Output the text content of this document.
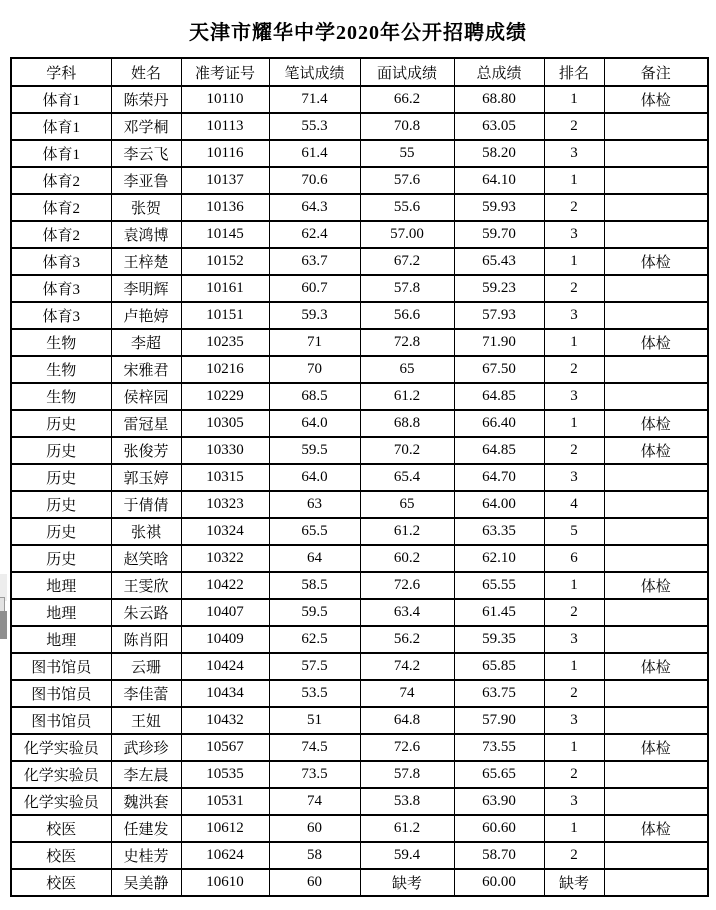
天津市耀华中学2020年公开招聘成绩
学科	姓名	准考证号	笔试成绩	面试成绩	总成绩	排名	备注
体育1	陈荣丹	10110	71.4	66.2	68.80	1	体检
体育1	邓学桐	10113	55.3	70.8	63.05	2	
体育1	李云飞	10116	61.4	55	58.20	3	
体育2	李亚鲁	10137	70.6	57.6	64.10	1	
体育2	张贺	10136	64.3	55.6	59.93	2	
体育2	袁鸿博	10145	62.4	57.00	59.70	3	
体育3	王梓楚	10152	63.7	67.2	65.43	1	体检
体育3	李明辉	10161	60.7	57.8	59.23	2	
体育3	卢艳婷	10151	59.3	56.6	57.93	3	
生物	李超	10235	71	72.8	71.90	1	体检
生物	宋雅君	10216	70	65	67.50	2	
生物	侯梓园	10229	68.5	61.2	64.85	3	
历史	雷冠星	10305	64.0	68.8	66.40	1	体检
历史	张俊芳	10330	59.5	70.2	64.85	2	体检
历史	郭玉婷	10315	64.0	65.4	64.70	3	
历史	于倩倩	10323	63	65	64.00	4	
历史	张祺	10324	65.5	61.2	63.35	5	
历史	赵笑晗	10322	64	60.2	62.10	6	
地理	王雯欣	10422	58.5	72.6	65.55	1	体检
地理	朱云路	10407	59.5	63.4	61.45	2	
地理	陈肖阳	10409	62.5	56.2	59.35	3	
图书馆员	云珊	10424	57.5	74.2	65.85	1	体检
图书馆员	李佳蕾	10434	53.5	74	63.75	2	
图书馆员	王妞	10432	51	64.8	57.90	3	
化学实验员	武珍珍	10567	74.5	72.6	73.55	1	体检
化学实验员	李左晨	10535	73.5	57.8	65.65	2	
化学实验员	魏洪套	10531	74	53.8	63.90	3	
校医	任建发	10612	60	61.2	60.60	1	体检
校医	史桂芳	10624	58	59.4	58.70	2	
校医	吴美静	10610	60	缺考	60.00	缺考	
